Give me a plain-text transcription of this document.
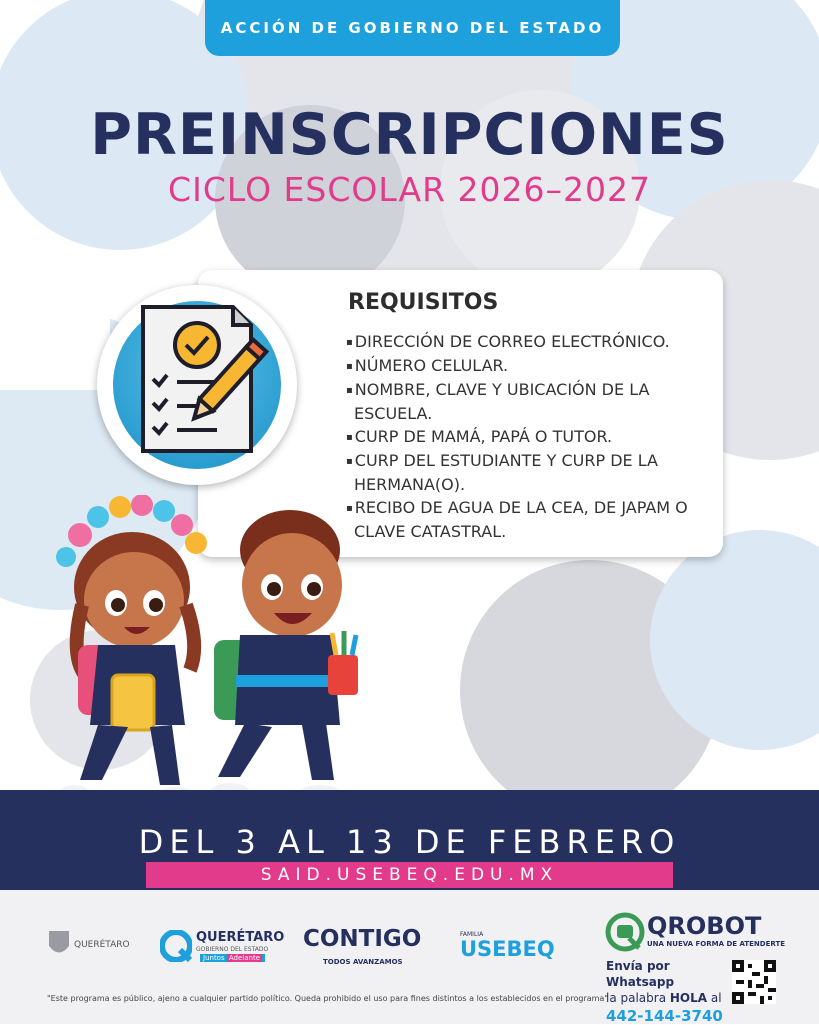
ACCIÓN DE GOBIERNO DEL ESTADO
PREINSCRIPCIONES
CICLO ESCOLAR 2026–2027
REQUISITOS
▪ DIRECCIÓN DE CORREO ELECTRÓNICO.
▪ NÚMERO CELULAR.
▪ NOMBRE, CLAVE Y UBICACIÓN DE LA ESCUELA.
▪ CURP DE MAMÁ, PAPÁ O TUTOR.
▪ CURP DEL ESTUDIANTE Y CURP DE LA HERMANA(O).
▪ RECIBO DE AGUA DE LA CEA, DE JAPAM O CLAVE CATASTRAL.
DEL 3 AL 13 DE FEBRERO
SAID.USEBEQ.EDU.MX
QUERÉTARO	QUERÉTARO
GOBIERNO DEL ESTADO
Juntos Adelante
CONTIGO
TODOS AVANZAMOS
FAMILIA
USEBEQ
QROBOT
UNA NUEVA FORMA DE ATENDERTE
Envía por Whatsapp
la palabra HOLA al
442-144-3740
"Este programa es público, ajeno a cualquier partido político. Queda prohibido el uso para fines distintos a los establecidos en el programa"
